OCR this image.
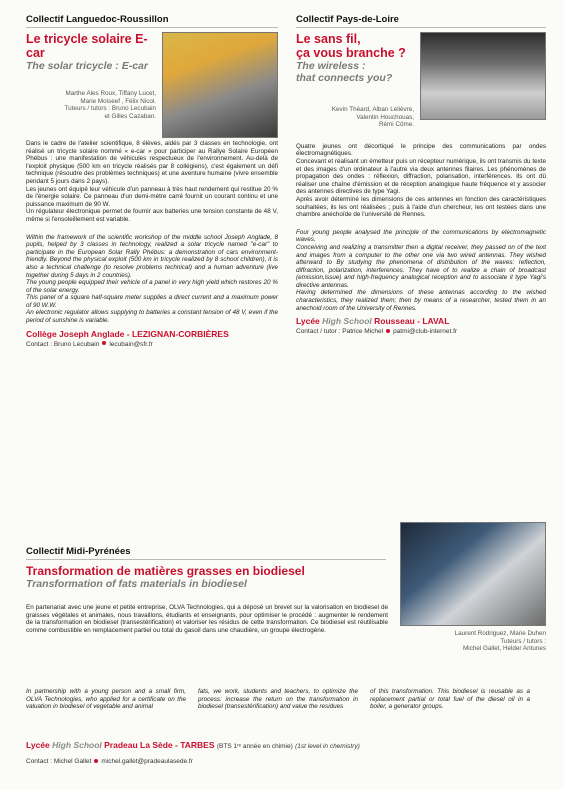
Collectif Languedoc-Roussillon
Le tricycle solaire E-car
The solar tricycle : E-car
Marthe Ales Roux, Tiffany Lucet,
Marie Moiseef , Félix Nicol.
Tuteurs / tutors : Bruno Lecubain
et Gilles Cazaban.
Dans le cadre de l'atelier scientifique, 8 élèves, aidés par 3 classes en technologie, ont réalisé un tricycle solaire nommé « e-car » pour participer au Rallye Solaire Européen Phébus : une manifestation de véhicules respectueux de l'environnement. Au-delà de l'exploit physique (500 km en tricycle réalisés par 8 collégiens), c'est également un défi technique (résoudre des problèmes techniques) et une aventure humaine (vivre ensemble pendant 5 jours dans 2 pays).
Les jeunes ont équipé leur véhicule d'un panneau à très haut rendement qui restitue 20 % de l'énergie solaire. Ce panneau d'un demi-mètre carré fournit un courant continu et une puissance maximum de 90 W.
Un régulateur électronique permet de fournir aux batteries une tension constante de 48 V, même si l'ensoleillement est variable.
Within the framework of the scientific workshop of the middle school Joseph Anglade, 8 pupils, helped by 3 classes in technology, realized a solar tricycle named "e-car" to participate in the European Solar Rally Phébus: a demonstration of cars environment-friendly. Beyond the physical exploit (500 km in tricycle realized by 8 school children), it is also a technical challenge (to resolve problems technical) and a human adventure (live together during 5 days in 2 countries).
The young people equipped their vehicle of a panel in very high yield which restores 20 % of the solar energy.
This panel of a square half-square meter supplies a direct current and a maximum power of 90 W.W.
An electronic regulator allows supplying to batteries a constant tension of 48 V, even if the period of sunshine is variable.
Collège Joseph Anglade - LEZIGNAN-CORBIÈRES
Contact : Bruno Lecubain lecubain@sfr.fr
Collectif Pays-de-Loire
Le sans fil,
ça vous branche ?
The wireless :
that connects you?
Kevin Théard, Alban Lelièvre,
Valentin Houchouas,
Rémi Côme.
Quatre jeunes ont décortiqué le principe des communications par ondes électromagnétiques.
Concevant et réalisant un émetteur puis un récepteur numérique, ils ont transmis du texte et des images d'un ordinateur à l'autre via deux antennes filaires. Les phénomènes de propagation des ondes : réflexion, diffraction, polarisation, interférences. Ils ont dû réaliser une chaîne d'émission et de réception analogique haute fréquence et y associer des antennes directives de type Yagi.
Après avoir déterminé les dimensions de ces antennes en fonction des caractéristiques souhaitées, ils les ont réalisées ; puis à l'aide d'un chercheur, les ont testées dans une chambre anéchoïde de l'université de Rennes.
Four young people analysed the principle of the communications by electromagnetic waves.
Conceiving and realizing a transmitter then a digital receiver, they passed on of the text and images from a computer to the other one via two wired antennas. They wished afterward to By studying the phenomena of distribution of the waves: reflection, diffraction, polarization, interferences. They have of to realize a chain of broadcast (emission,issue) and high-frequency analogical reception and to associate it type Yagi's directive antennas.
Having determined the dimensions of these antennas according to the wished characteristics, they realized them; then by means of a researcher, tested them in an anechoid room of the University of Rennes.
Lycée High School Rousseau - LAVAL
Contact / tutor : Patrice Michel patmi@club-internet.fr
Collectif Midi-Pyrénées
Transformation de matières grasses en biodiesel
Transformation of fats materials in biodiesel
En partenariat avec une jeune et petite entreprise, OLVA Technologies, qui a déposé un brevet sur la valorisation en biodiesel de graisses végétales et animales, nous travaillons, étudiants et enseignants, pour optimiser le procédé : augmenter le rendement de la transformation en biodiesel (transestérification) et valoriser les résidus de cette transformation. Ce biodiesel est réutilisable comme combustible en remplacement partiel ou total du gasoil dans une chaudière, un groupe électrogène.	Laurent Rodriguez, Marie Duhen
Tuteurs / tutors :
Michel Gallet, Helder Antunes
In partnership with a young person and a small firm, OLVA Technologies, who applied for a certificate on the valuation in biodiesel of vegetable and animal
fats, we work, students and teachers, to optimize the process: increase the return on the transformation in biodiesel (transestérification) and value the residues
of this transformation. This biodiesel is reusable as a replacement partial or total fuel of the diesel oil in a boiler, a generator groups.
Lycée High School Pradeau La Sède - TARBES (BTS 1ʳᵉ année en chimie) (1st level in chemistry)
Contact : Michel Gallet michel.gallet@pradeaulasede.fr
